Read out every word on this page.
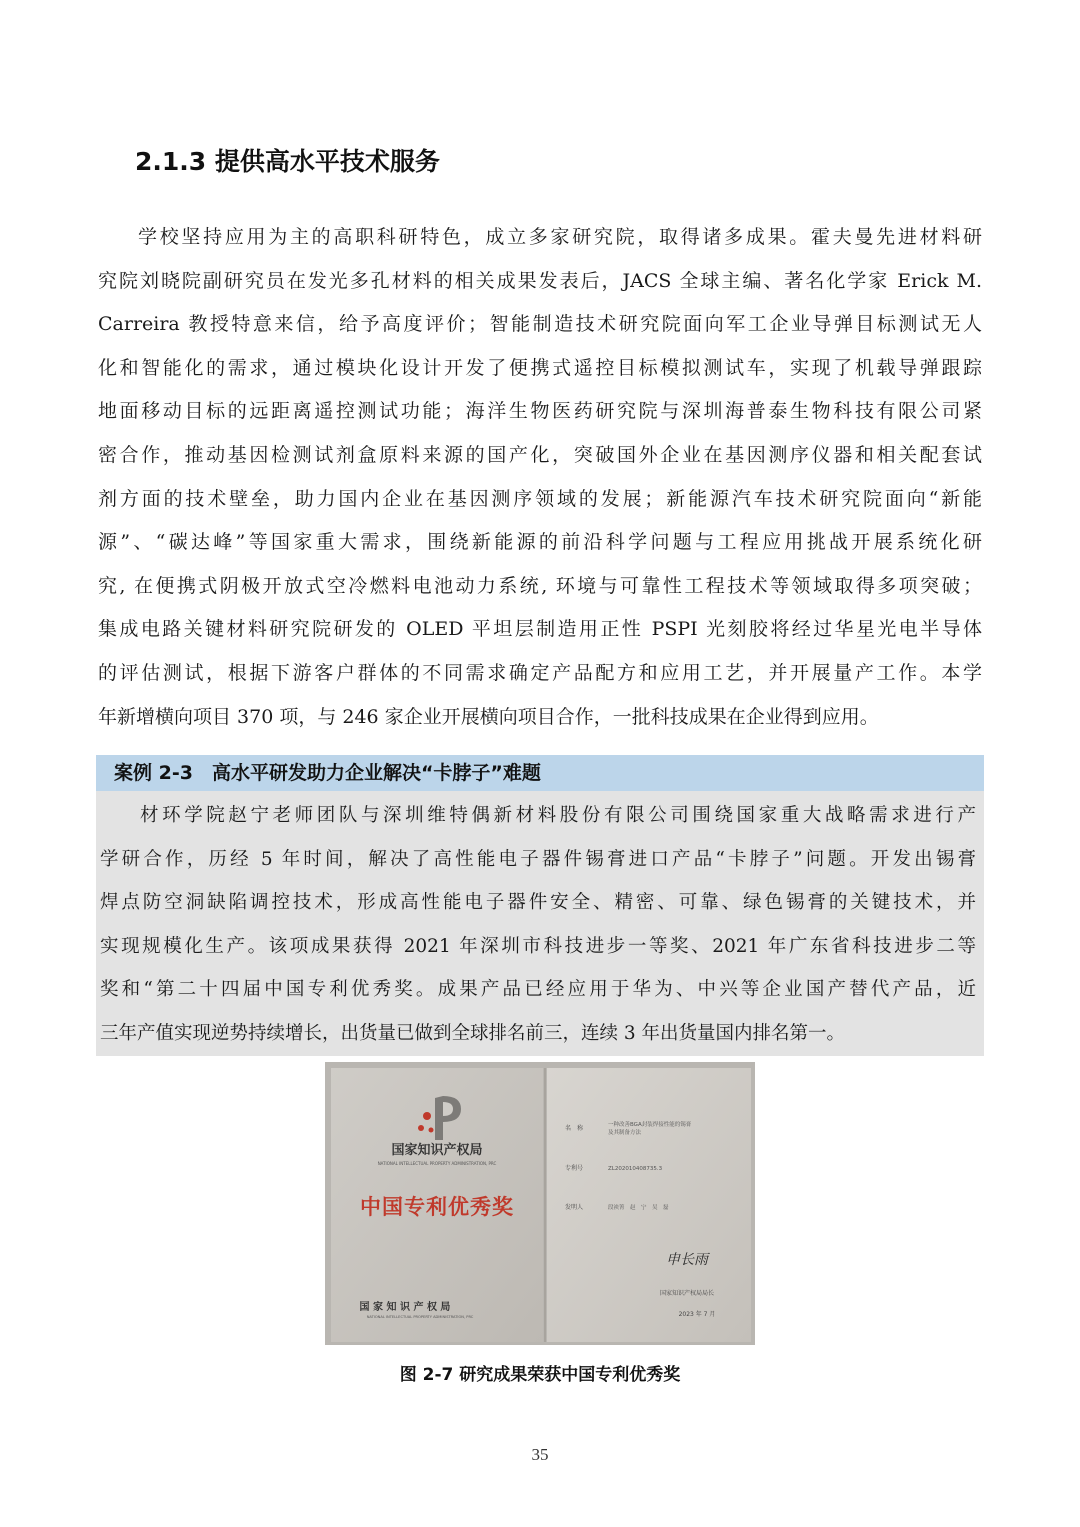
2.1.3 提供高水平技术服务
学校坚持应用为主的高职科研特色，成立多家研究院，取得诸多成果。霍夫曼先进材料研
究院刘晓院副研究员在发光多孔材料的相关成果发表后，JACS 全球主编、著名化学家 Erick M.
Carreira 教授特意来信，给予高度评价；智能制造技术研究院面向军工企业导弹目标测试无人
化和智能化的需求，通过模块化设计开发了便携式遥控目标模拟测试车，实现了机载导弹跟踪
地面移动目标的远距离遥控测试功能；海洋生物医药研究院与深圳海普泰生物科技有限公司紧
密合作，推动基因检测试剂盒原料来源的国产化，突破国外企业在基因测序仪器和相关配套试
剂方面的技术壁垒，助力国内企业在基因测序领域的发展；新能源汽车技术研究院面向“新能
源”、“碳达峰”等国家重大需求，围绕新能源的前沿科学问题与工程应用挑战开展系统化研
究, 在便携式阴极开放式空冷燃料电池动力系统, 环境与可靠性工程技术等领域取得多项突破；
集成电路关键材料研究院研发的 OLED 平坦层制造用正性 PSPI 光刻胶将经过华星光电半导体
的评估测试，根据下游客户群体的不同需求确定产品配方和应用工艺，并开展量产工作。本学
年新增横向项目 370 项，与 246 家企业开展横向项目合作，一批科技成果在企业得到应用。
案例 2-3　高水平研发助力企业解决“卡脖子”难题
材环学院赵宁老师团队与深圳维特偶新材料股份有限公司围绕国家重大战略需求进行产
学研合作，历经 5 年时间，解决了高性能电子器件锡膏进口产品“卡脖子”问题。开发出锡膏
焊点防空洞缺陷调控技术，形成高性能电子器件安全、精密、可靠、绿色锡膏的关键技术，并
实现规模化生产。该项成果获得 2021 年深圳市科技进步一等奖、2021 年广东省科技进步二等
奖和“第二十四届中国专利优秀奖。成果产品已经应用于华为、中兴等企业国产替代产品，近
三年产值实现逆势持续增长，出货量已做到全球排名前三，连续 3 年出货量国内排名第一。
国家知识产权局
NATIONAL INTELLECTUAL PROPERTY ADMINISTRATION, PRC
中国专利优秀奖
国 家 知 识 产 权 局
NATIONAL INTELLECTUAL PROPERTY ADMINISTRATION, PRC
名　称	一种改善BGA封装焊接性能的锡膏
及其制备方法
专利号	ZL202010408735.3
发明人	段袂箐　赵　宁　吴　磊
申长雨
国家知识产权局局长
2023 年 7 月

图 2-7 研究成果荣获中国专利优秀奖

35
